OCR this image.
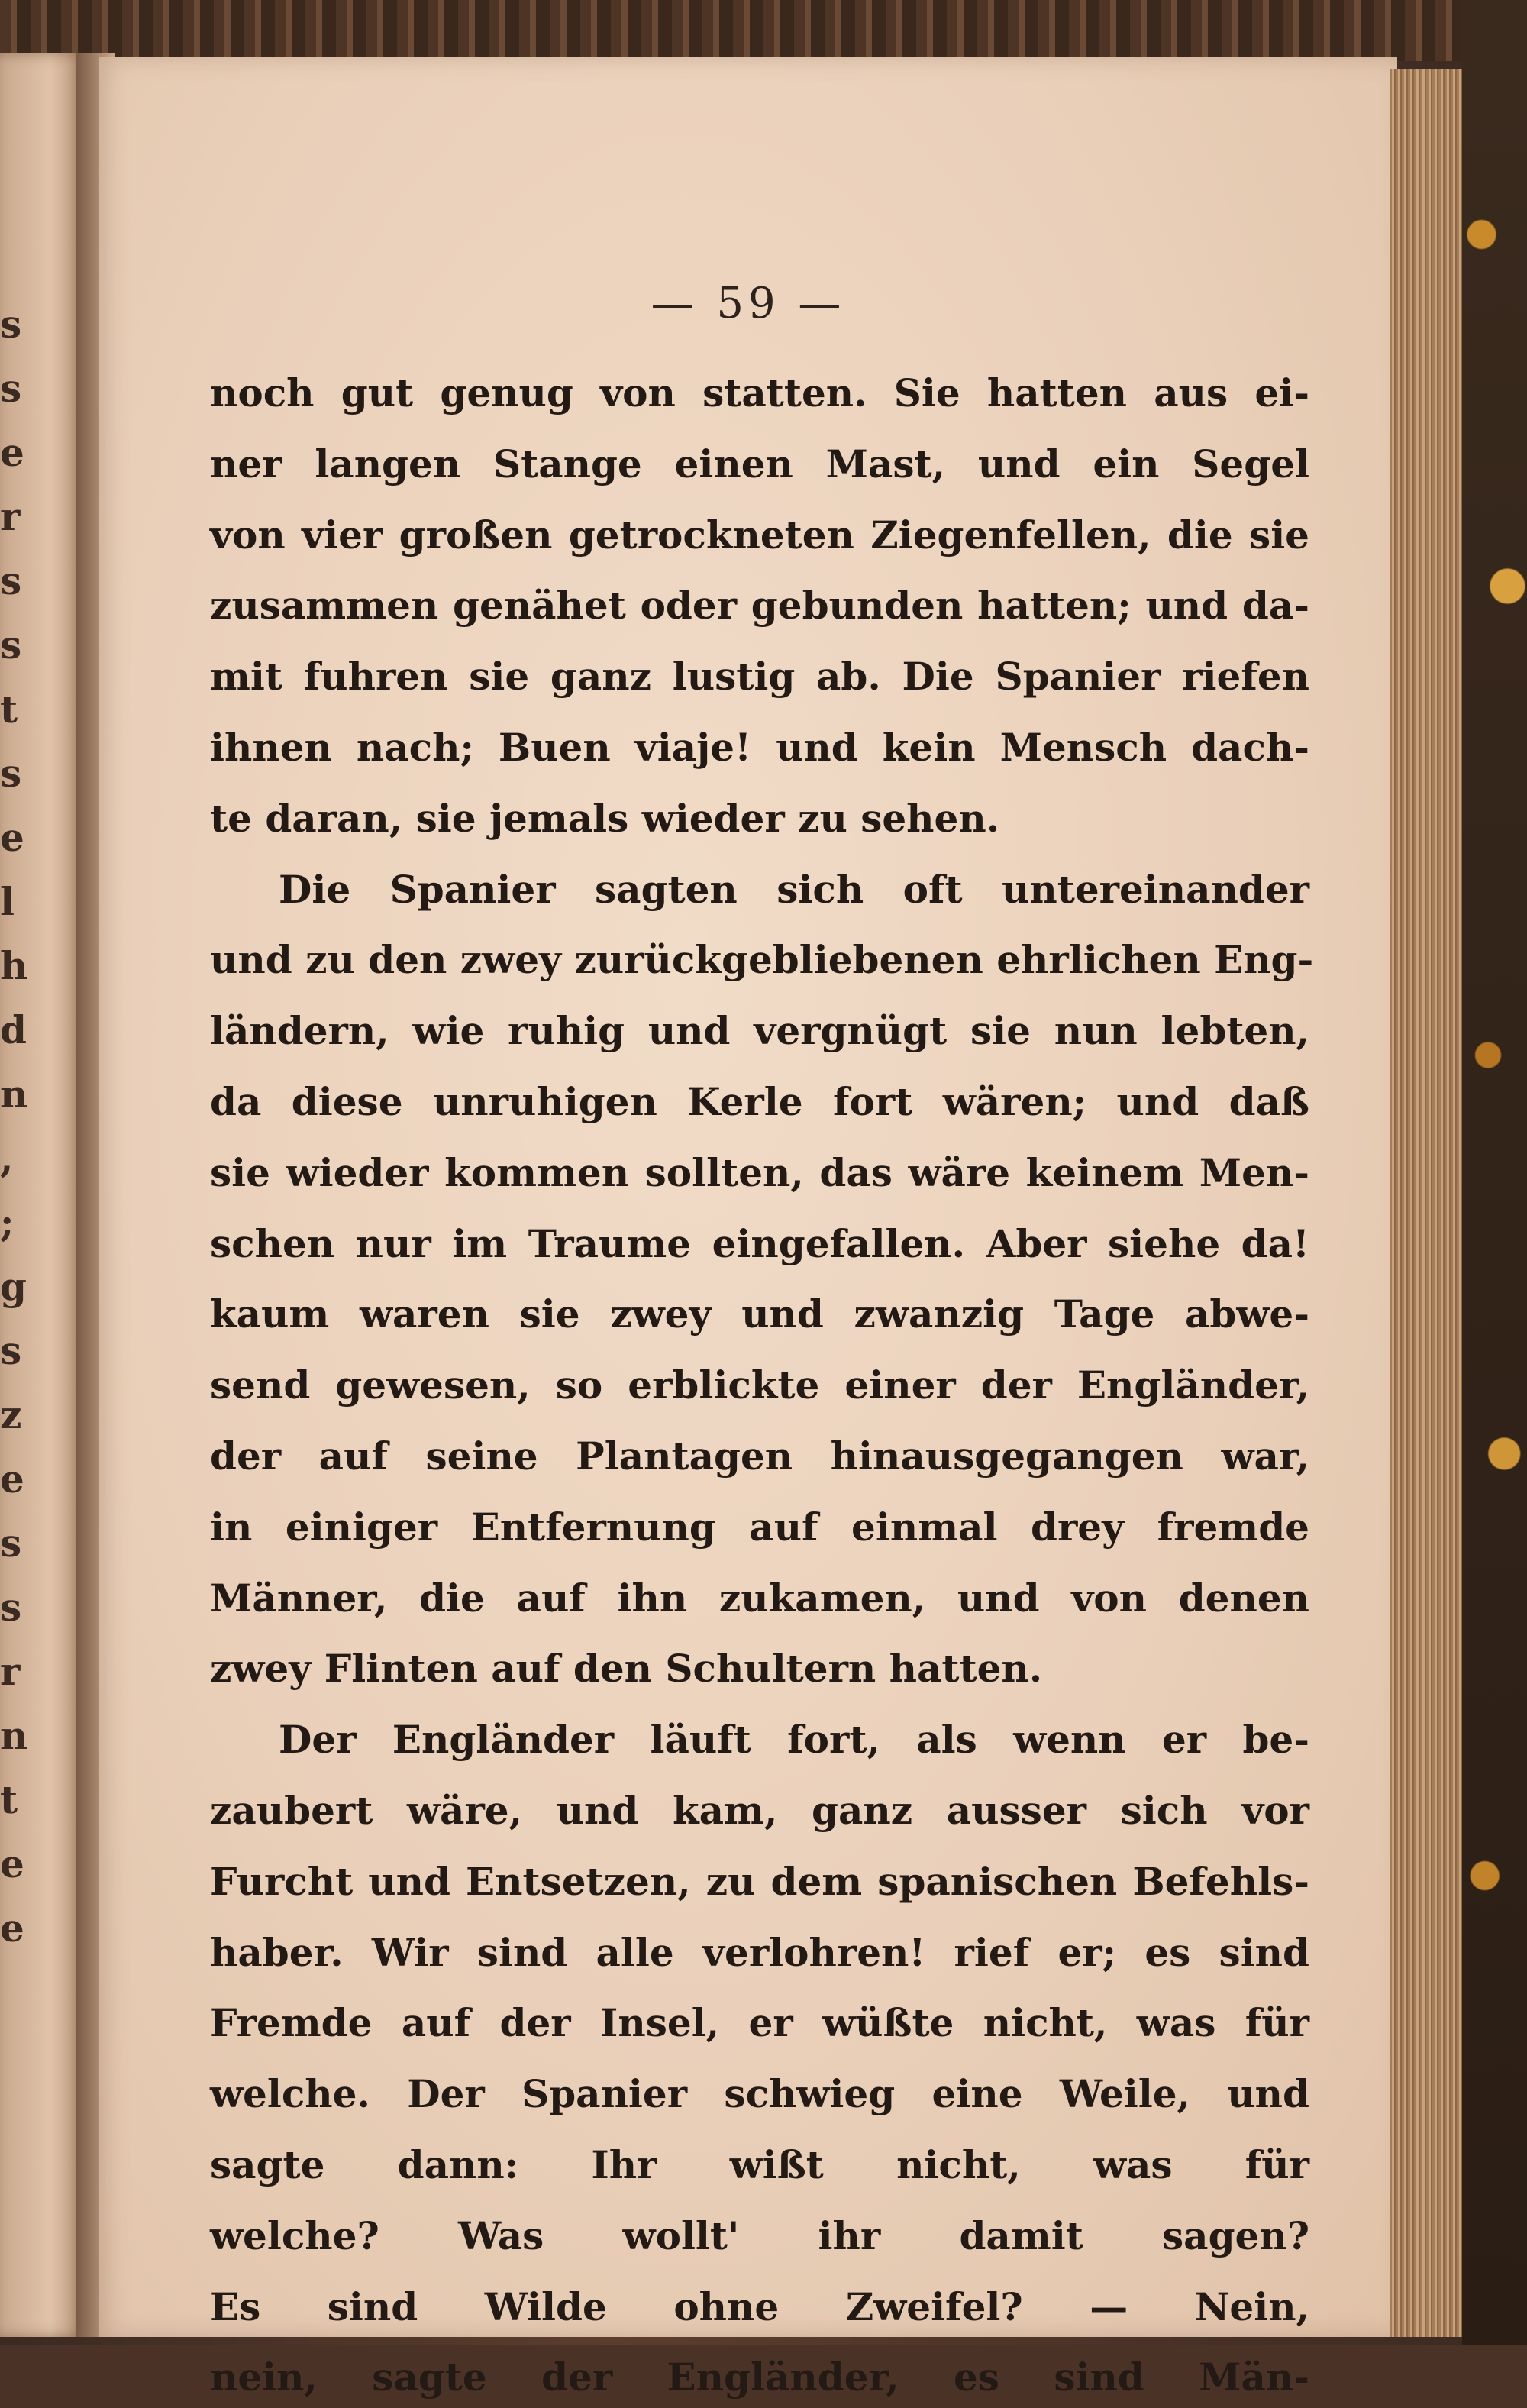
s
s
e
r
s
s
t
s
e
l
h
d
n
,
;
g
s
z
e
s
s
r
n
t
e
e
— 59 —
noch gut genug von statten. Sie hatten aus ei-
ner langen Stange einen Mast, und ein Segel
von vier großen getrockneten Ziegenfellen, die sie
zusammen genähet oder gebunden hatten; und da-
mit fuhren sie ganz lustig ab. Die Spanier riefen
ihnen nach; Buen viaje! und kein Mensch dach-
te daran, sie jemals wieder zu sehen.
Die Spanier sagten sich oft untereinander
und zu den zwey zurückgebliebenen ehrlichen Eng-
ländern, wie ruhig und vergnügt sie nun lebten,
da diese unruhigen Kerle fort wären; und daß
sie wieder kommen sollten, das wäre keinem Men-
schen nur im Traume eingefallen. Aber siehe da!
kaum waren sie zwey und zwanzig Tage abwe-
send gewesen, so erblickte einer der Engländer,
der auf seine Plantagen hinausgegangen war,
in einiger Entfernung auf einmal drey fremde
Männer, die auf ihn zukamen, und von denen
zwey Flinten auf den Schultern hatten.
Der Engländer läuft fort, als wenn er be-
zaubert wäre, und kam, ganz ausser sich vor
Furcht und Entsetzen, zu dem spanischen Befehls-
haber. Wir sind alle verlohren! rief er; es sind
Fremde auf der Insel, er wüßte nicht, was für
welche. Der Spanier schwieg eine Weile, und
sagte dann: Ihr wißt nicht, was für
welche? Was wollt' ihr damit sagen?
Es sind Wilde ohne Zweifel? — Nein,
nein, sagte der Engländer, es sind Män-
